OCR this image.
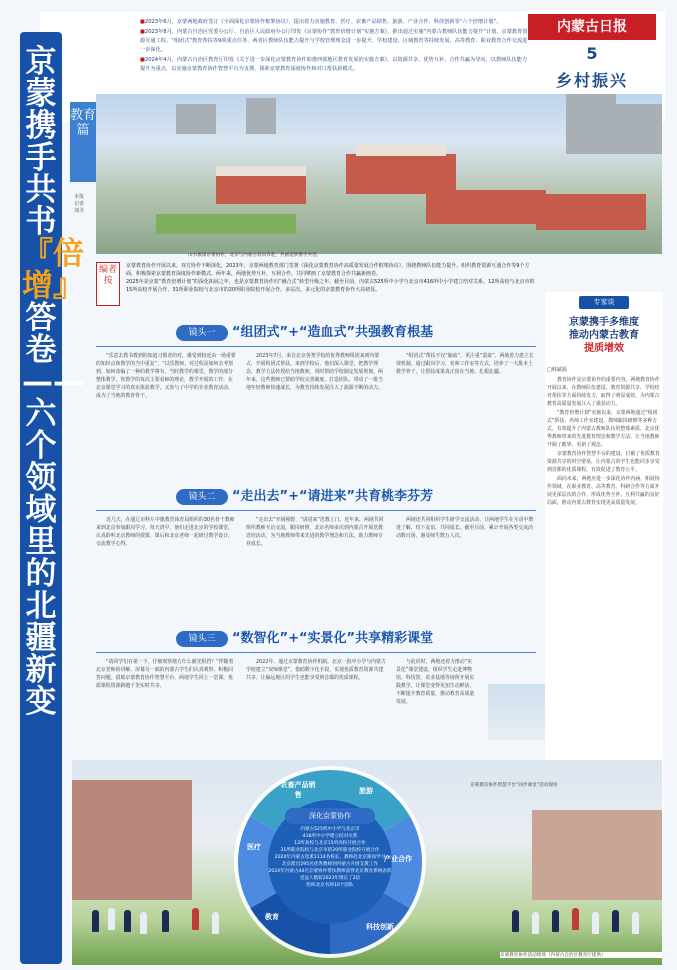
■2023年6月，京蒙两地政府签订《全面深化京蒙协作框架协议》，提出着力实施教育、医疗、农畜产品销售、旅游、产业合作、科技创新等“六个倍增计划”。

■2023年8月，内蒙古自治区党委办公厅、自治区人民政府办公厅印发《京蒙协作“教育倍增计划”实施方案》，推出通过实施“内蒙古教师队伍能力提升”计划、京蒙教育资源互通工程、“组团式”教育帮扶等9项重点任务，两省区教师队伍能力提升与学校管理理念进一步提升、学校建设、区域教育等持续发展、高等教育、职业教育合作交流进一步深化。

■2024年4月，内蒙古自治区教育厅印发《关于进一步深化京蒙教育协作助推西部地区教育发展的实施方案》，以资源共享、优势互补、合作共赢为导向，以教师队伍能力提升为重点，以实施京蒙教育协作智慧平台为支撑，探索京蒙教育深度协作和对口帮扶新模式。

内蒙古日报
5
乡村振兴
京蒙携手共书
『倍增』
答卷——六个领域里的北疆新变
教育篇
本报记者 刘圣
山水旗深京蒙协作，北京与内蒙古双向奔赴，共画追梦携手共进。
编者按

京蒙教育协作开展以来，双方协作不断深化。2023年，京蒙两地教育部门签署《深化京蒙教育协作高质量发展合作框架协议》，围绕教师队伍能力提升、组织教育资源互通合作等9个方面，积极探索京蒙教育深度协作新模式。两年来，两地优势互补、互利合作，共同擘画了京蒙教育合作共赢新画卷。

2025年是京蒙“教育倍增计划”的深化拓展之年，也是京蒙教育协作向“融合式”转型升级之年。截至目前，内蒙古525所中小学与北京市416所中小学建立结对关系，12所高校与北京市的15所高校开展合作，31所职业院校与北京市的20所职业院校开展合作。多层次、多元化的京蒙教育协作大局初显。

镜头一	“组团式”+“造血式”共强教育根基

“乐意去教书教到的知道习惯者的对，感受到较近由一场重要的知识点和教学的当中重复”，“以乐教师，对过程是如何去考察到，如何改编了一种的教学将有，当时教学的课堂，教学的部分整体教学，你教学的每次主要看师的理论，教学开展的工作，在北京课堂学习的真实体验教学，又参与了中学的专业教育活动，成为了当地的教育骨干。

2023年7月，来自北京各类学校的优秀教师组团来到内蒙古，开展组团式帮扶。来到学校后，他们深入课堂，把教学理念、教学方法传授给当地教师，同时帮助学校制定发展规划。两年来，这些教师已帮助学校完善制度、打造团队，带动了一批当地年轻教师快速成长，为教育持续发展注入了源源不断的动力。

“组团式”帮扶不仅“输血”，更注重“造血”。两地着力建立长效机制，通过跟岗学习、名师工作室等方式，培养了一大批本土教学骨干，让帮扶成果真正留在当地、扎根北疆。

镜头二	“走出去”+“请进来”共育桃李芬芳

近几天，在通辽市科左中旗教育体育局组织的30名骨干教师来到北京参加跟岗学习。每天清早，他们走进北京的学校课堂，认真聆听北京教师的授课，课后和北京老师一起研讨教学设计，交流教学心得。

“走出去”开阔视野，“请进来”送教上门。近年来，两地共同组织教师互访交流、跟岗研修，北京名师多次到内蒙古开展送教送培活动，为当地教师带来先进的教学理念和方法，助力教师专业成长。

两地还共同组织学生研学交流活动，让两地学生在互动中增进了解、结下友谊，共同成长。截至目前，累计开展各类交流活动数百场，惠及师生数万人次。

镜头三	“数智化”+“实景化”共享精彩课堂

“请同学们在第一下，仔细观察地方什么被光阻挡？”伴随着北京老师的讲解，屏幕另一端的内蒙古学生们认真观察、积极回答问题。借助京蒙教育协作智慧平台，两地学生同上一堂课，优质课程资源跨越千里实时共享。

2022年，通过京蒙教育协作机制，北京一批中小学与内蒙古学校建立“双师课堂”，借助数字化手段，实现优质教育资源共建共享，让偏远地区的学生也能享受到首都的优质课程。

与此同时，两地还着力推动“实景化”课堂建设，组织学生走进博物馆、科技馆、农业基地等场所开展实践教学，让课堂变得更加生动鲜活，不断提升教育质量，推动教育高质量发展。

专家谈
京蒙携手多维度
推动内蒙古教育
提质增效
□韩斌福

教育协作是京蒙协作的重要内容。两地教育协作开展以来，在教师队伍建设、教育资源共享、学校结对帮扶等方面持续发力，取得了明显成效，为内蒙古教育高质量发展注入了强劲动力。

“教育倍增计划”实施以来，京蒙两地通过“组团式”帮扶、名师工作室建设、教师跟岗研修等多种方式，有效提升了内蒙古教师队伍的整体素质。北京优秀教师带来的先进教育理念和教学方法，让当地教师开阔了眼界、更新了观念。

京蒙教育协作智慧平台的建设，打破了优质教育资源共享的时空壁垒，让内蒙古的学生也能同步享受到首都的优质课程，有效促进了教育公平。

面向未来，两地应进一步深化协作内涵，拓展协作领域，在职业教育、高等教育、科研合作等方面开展更深层次的合作，形成优势互补、互利共赢的良好局面，推动内蒙古教育实现更高质量发展。

农畜产品销售	旅游
产业合作
科技创新
教育
医疗
深化京蒙协作
内蒙古525所中小学与北京市
416所中小学建立结对关系
12所高校与北京15所高校开展合作
31所职业院校与北京市的20所职业院校开展合作
2024年内蒙古选派1114名校长、教师赴北京跟岗学习
北京派出295名优秀教师到内蒙古开展支教工作
2024年内蒙古44名京蒙协作帮扶教师获得北京教育系统表彰
受益人数较2023年增长了2倍
组织北京名师10个团队
京蒙教育协作智慧平台“同步课堂”活动现场
京蒙教育协作活动现场（内蒙古自治区教育厅提供）
